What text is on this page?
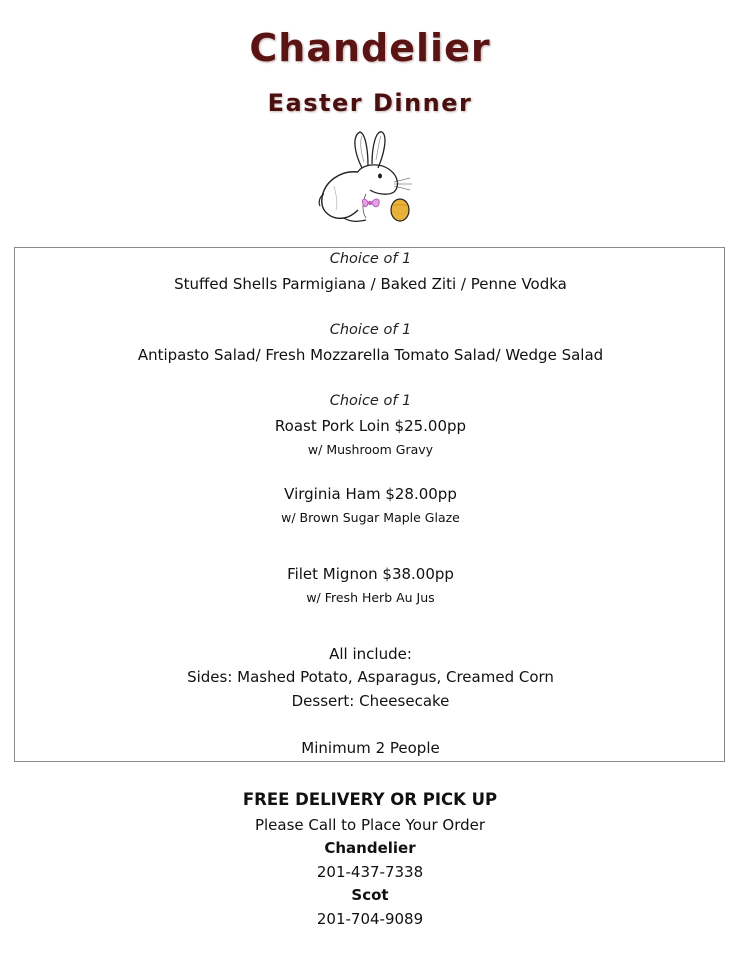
Chandelier
Easter Dinner
Choice of 1
Stuffed Shells Parmigiana / Baked Ziti / Penne Vodka
Choice of 1
Antipasto Salad/ Fresh Mozzarella Tomato Salad/ Wedge Salad
Choice of 1
Roast Pork Loin $25.00pp
w/ Mushroom Gravy
Virginia Ham $28.00pp
w/ Brown Sugar Maple Glaze
Filet Mignon $38.00pp
w/ Fresh Herb Au Jus
All include:
Sides: Mashed Potato, Asparagus, Creamed Corn
Dessert: Cheesecake
Minimum 2 People
FREE DELIVERY OR PICK UP
Please Call to Place Your Order
Chandelier
201-437-7338
Scot
201-704-9089
